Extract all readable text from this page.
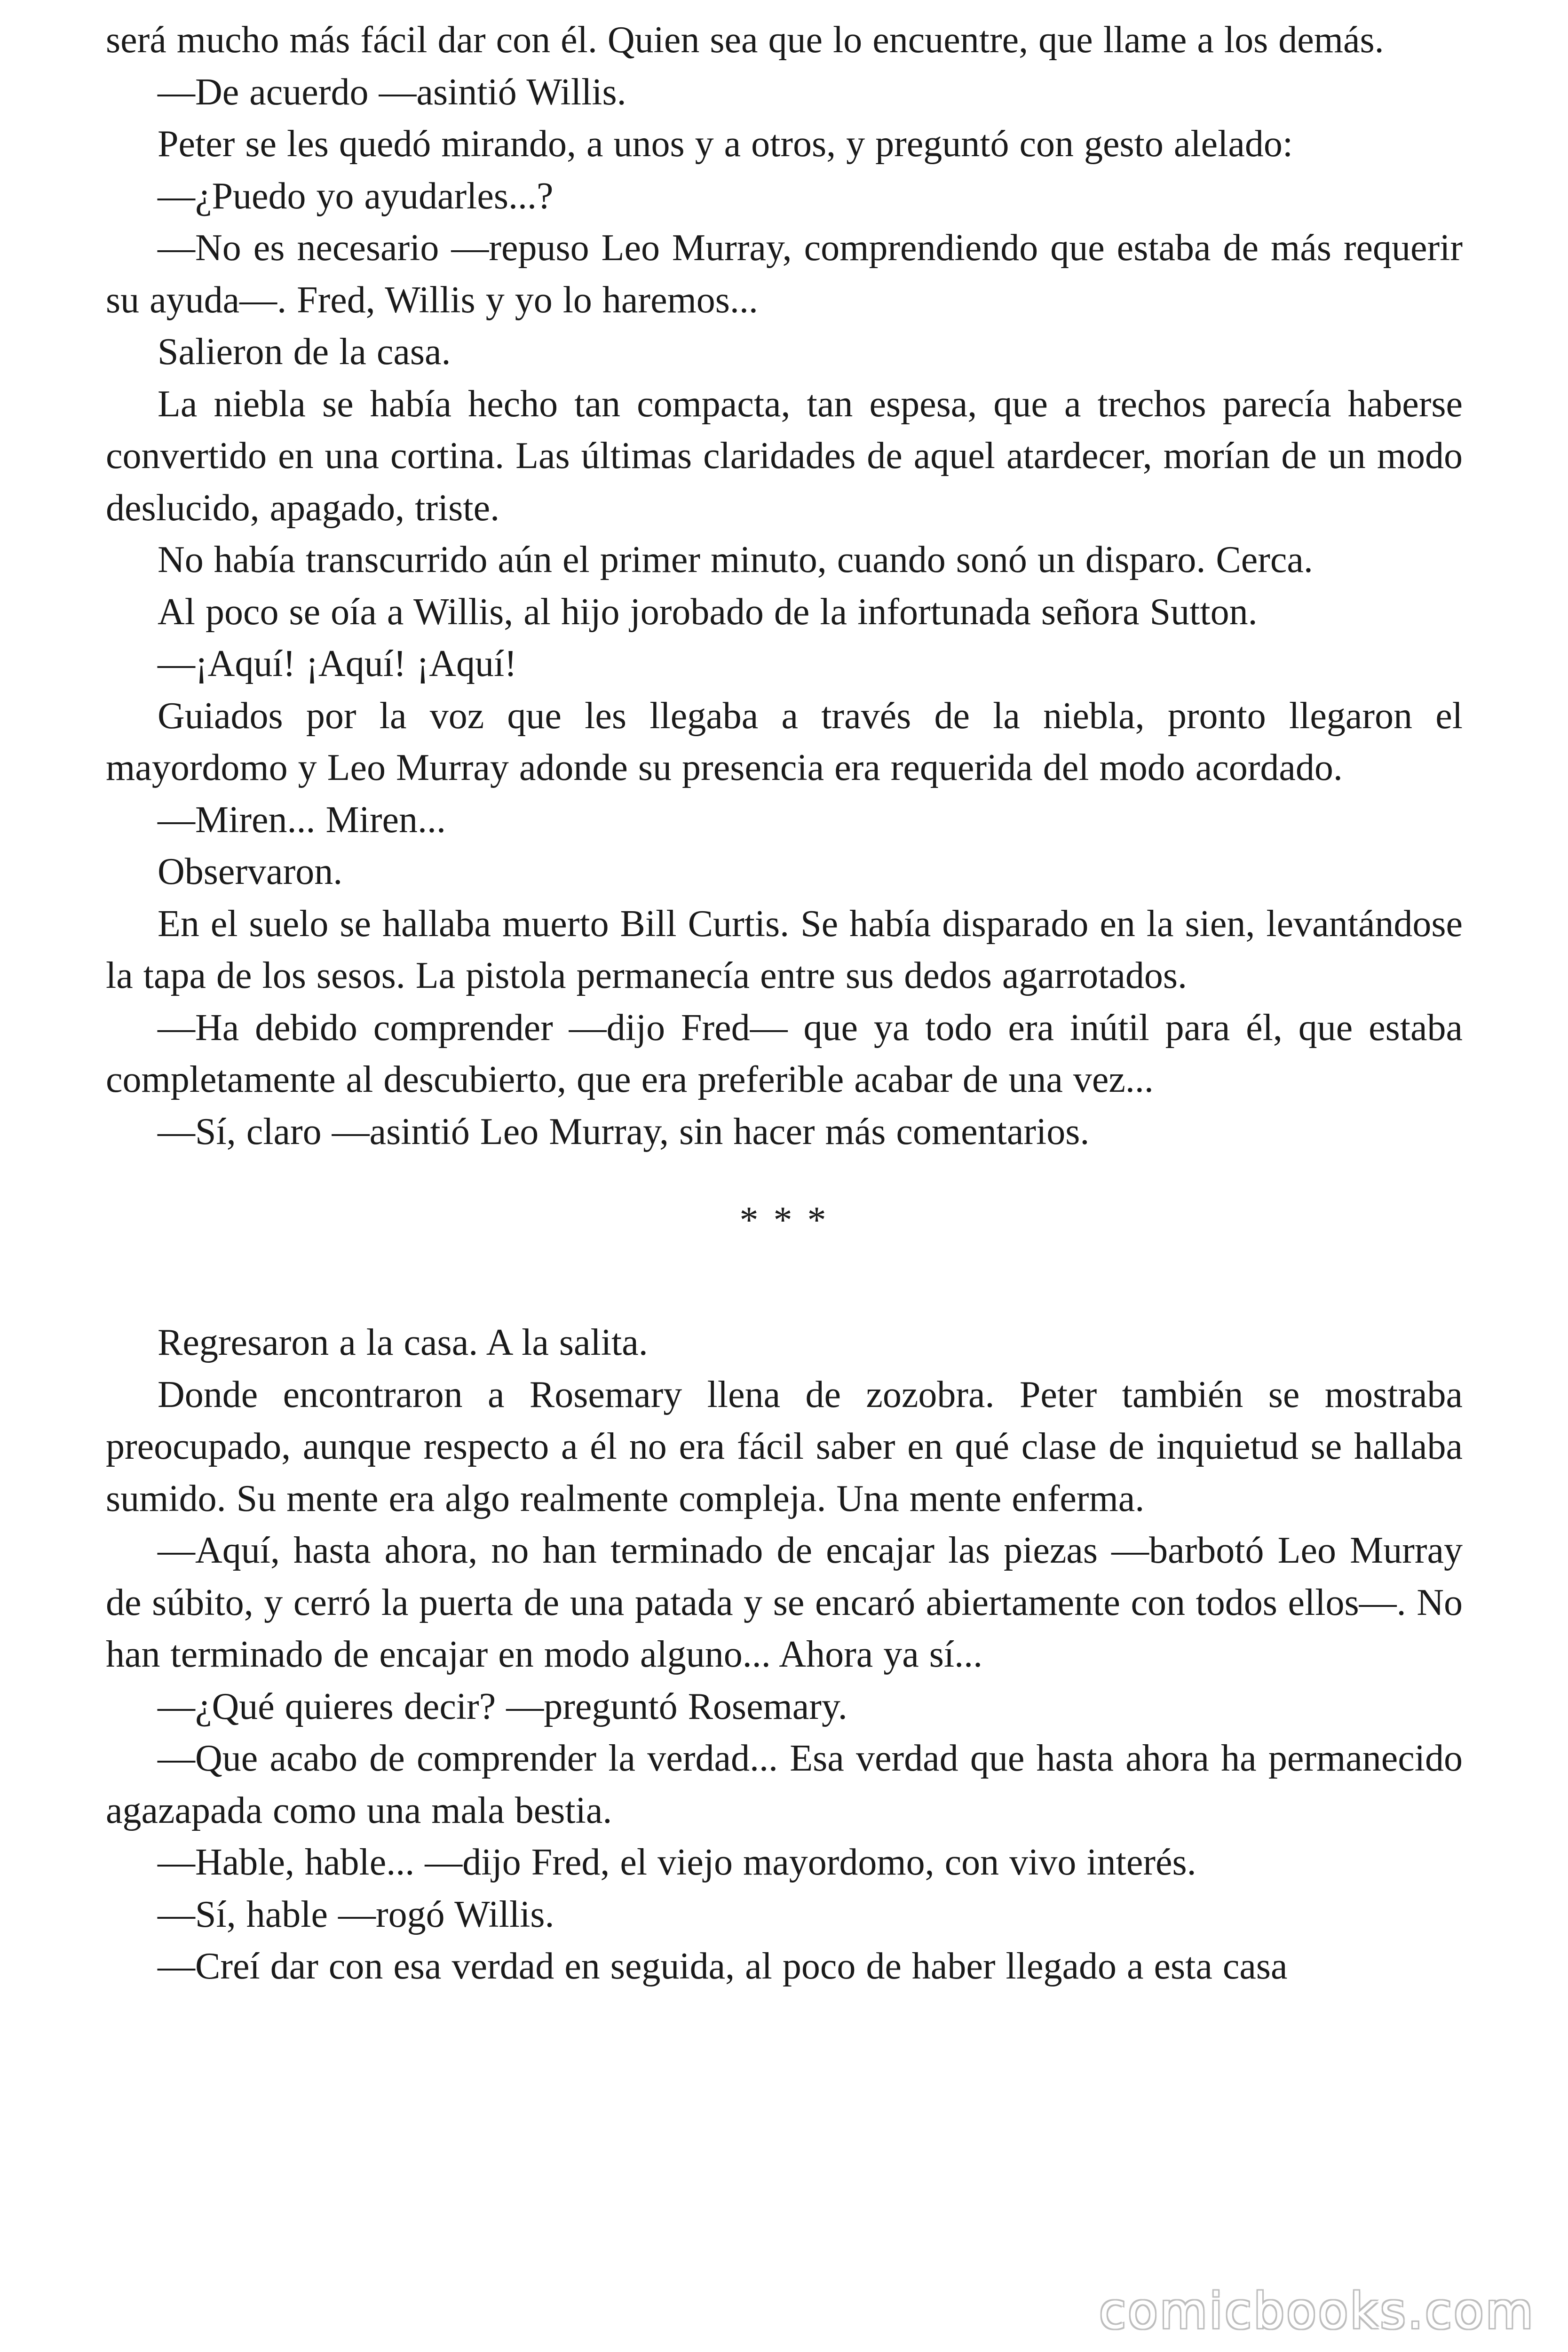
será mucho más fácil dar con él. Quien sea que lo encuentre, que llame a los demás.

—De acuerdo —asintió Willis.

Peter se les quedó mirando, a unos y a otros, y preguntó con gesto alelado:

—¿Puedo yo ayudarles...?

—No es necesario —repuso Leo Murray, comprendiendo que estaba de más requerir su ayuda—. Fred, Willis y yo lo haremos...

Salieron de la casa.

La niebla se había hecho tan compacta, tan espesa, que a trechos parecía haberse convertido en una cortina. Las últimas claridades de aquel atardecer, morían de un modo deslucido, apagado, triste.

No había transcurrido aún el primer minuto, cuando sonó un disparo. Cerca.

Al poco se oía a Willis, al hijo jorobado de la infortunada señora Sutton.

—¡Aquí! ¡Aquí! ¡Aquí!

Guiados por la voz que les llegaba a través de la niebla, pronto llegaron el mayordomo y Leo Murray adonde su presencia era requerida del modo acordado.

—Miren... Miren...

Observaron.

En el suelo se hallaba muerto Bill Curtis. Se había disparado en la sien, levantándose la tapa de los sesos. La pistola permanecía entre sus dedos agarrotados.

—Ha debido comprender —dijo Fred— que ya todo era inútil para él, que estaba completamente al descubierto, que era preferible acabar de una vez...

—Sí, claro —asintió Leo Murray, sin hacer más comentarios.

* * *

Regresaron a la casa. A la salita.

Donde encontraron a Rosemary llena de zozobra. Peter también se mostraba preocupado, aunque respecto a él no era fácil saber en qué clase de inquietud se hallaba sumido. Su mente era algo realmente compleja. Una mente enferma.

—Aquí, hasta ahora, no han terminado de encajar las piezas —barbotó Leo Murray de súbito, y cerró la puerta de una patada y se encaró abiertamente con todos ellos—. No han terminado de encajar en modo alguno... Ahora ya sí...

—¿Qué quieres decir? —preguntó Rosemary.

—Que acabo de comprender la verdad... Esa verdad que hasta ahora ha permanecido agazapada como una mala bestia.

—Hable, hable... —dijo Fred, el viejo mayordomo, con vivo interés.

—Sí, hable —rogó Willis.

—Creí dar con esa verdad en seguida, al poco de haber llegado a esta casa

comicbooks.com
